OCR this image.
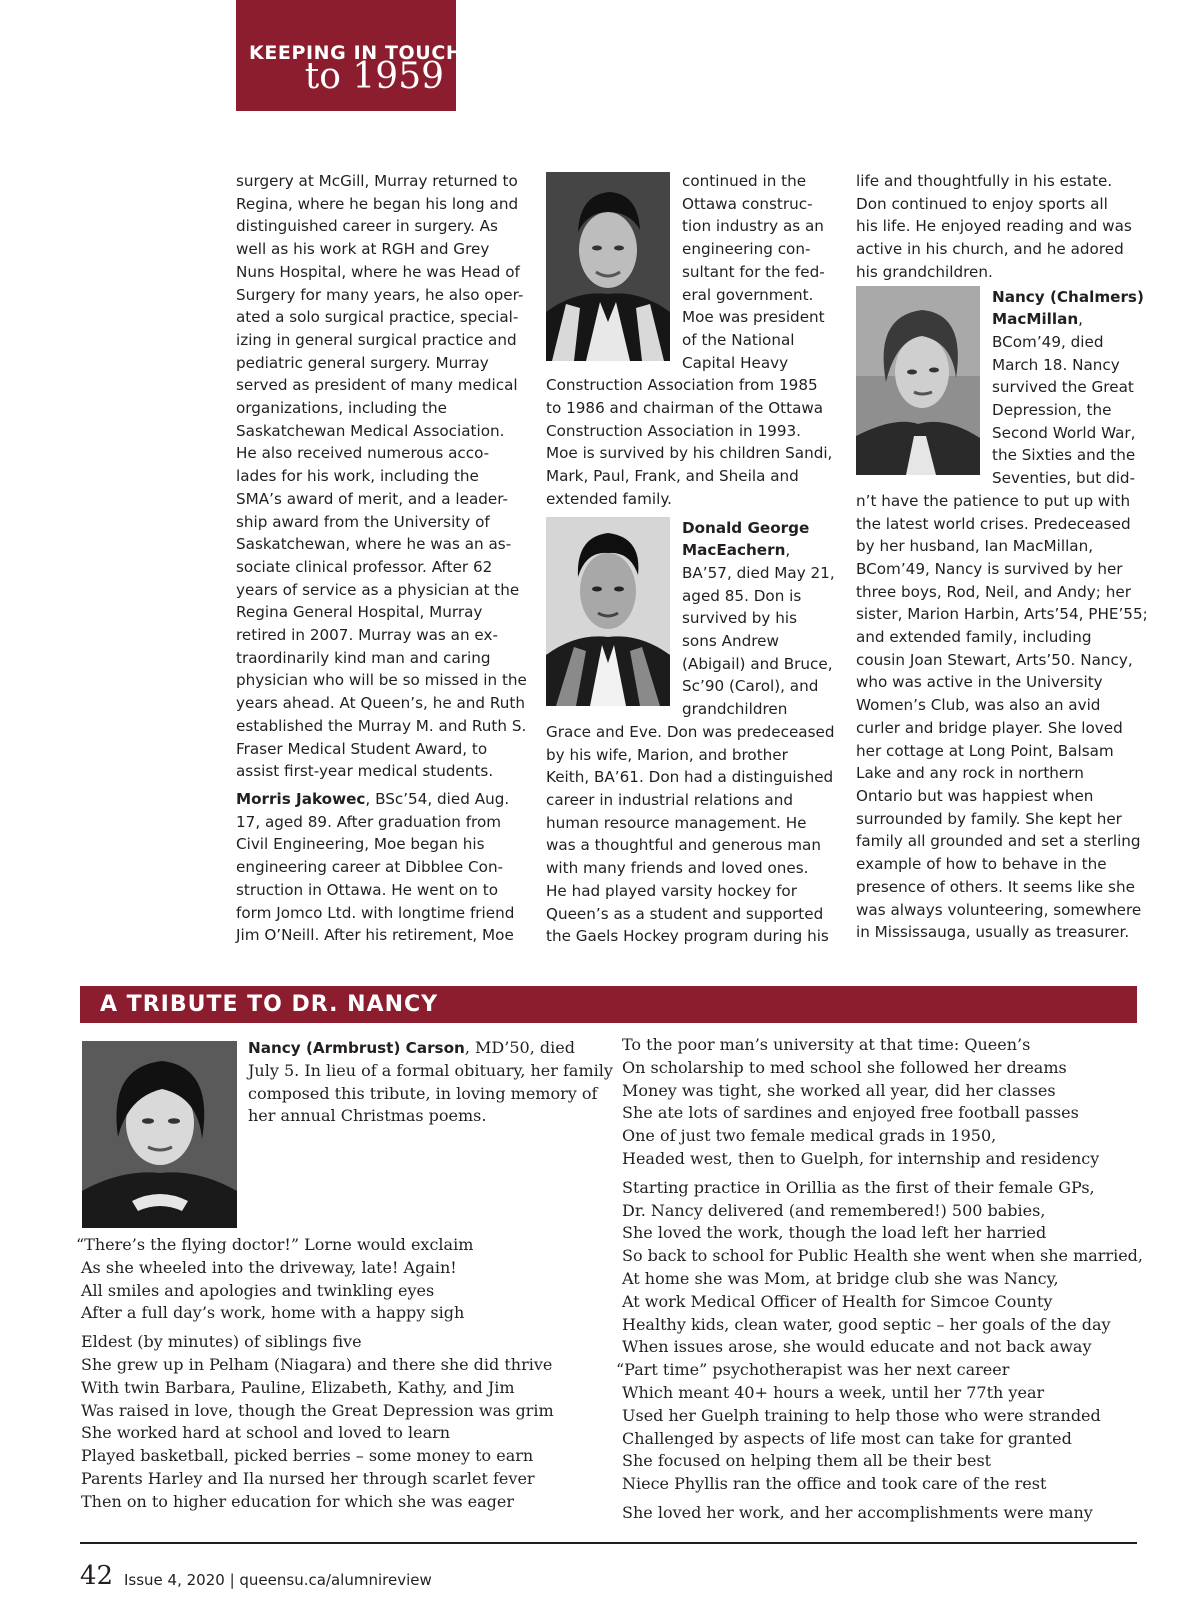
KEEPING IN TOUCH
to 1959

surgery at McGill, Murray returned to
Regina, where he began his long and
distinguished career in surgery. As
well as his work at RGH and Grey
Nuns Hospital, where he was Head of
Surgery for many years, he also oper-
ated a solo surgical practice, special-
izing in general surgical practice and
pediatric general surgery. Murray
served as president of many medical
organizations, including the
Saskatchewan Medical Association.
He also received numerous acco-
lades for his work, including the
SMA’s award of merit, and a leader-
ship award from the University of
Saskatchewan, where he was an as-
sociate clinical professor. After 62
years of service as a physician at the
Regina General Hospital, Murray
retired in 2007. Murray was an ex-
traordinarily kind man and caring
physician who will be so missed in the
years ahead. At Queen’s, he and Ruth
established the Murray M. and Ruth S.
Fraser Medical Student Award, to
assist first-year medical students.

Morris Jakowec, BSc’54, died Aug.
17, aged 89. After graduation from
Civil Engineering, Moe began his
engineering career at Dibblee Con-
struction in Ottawa. He went on to
form Jomco Ltd. with longtime friend
Jim O’Neill. After his retirement, Moe

continued in the
Ottawa construc-
tion industry as an
engineering con-
sultant for the fed-
eral government.
Moe was president
of the National
Capital Heavy
Construction Association from 1985
to 1986 and chairman of the Ottawa
Construction Association in 1993.
Moe is survived by his children Sandi,
Mark, Paul, Frank, and Sheila and
extended family.

Donald George
MacEachern,
BA’57, died May 21,
aged 85. Don is
survived by his
sons Andrew
(Abigail) and Bruce,
Sc’90 (Carol), and
grandchildren
Grace and Eve. Don was predeceased
by his wife, Marion, and brother
Keith, BA’61. Don had a distinguished
career in industrial relations and
human resource management. He
was a thoughtful and generous man
with many friends and loved ones.
He had played varsity hockey for
Queen’s as a student and supported
the Gaels Hockey program during his

life and thoughtfully in his estate.
Don continued to enjoy sports all
his life. He enjoyed reading and was
active in his church, and he adored
his grandchildren.

Nancy (Chalmers)
MacMillan,
BCom’49, died
March 18. Nancy
survived the Great
Depression, the
Second World War,
the Sixties and the
Seventies, but did-
n’t have the patience to put up with
the latest world crises. Predeceased
by her husband, Ian MacMillan,
BCom’49, Nancy is survived by her
three boys, Rod, Neil, and Andy; her
sister, Marion Harbin, Arts’54, PHE’55;
and extended family, including
cousin Joan Stewart, Arts’50. Nancy,
who was active in the University
Women’s Club, was also an avid
curler and bridge player. She loved
her cottage at Long Point, Balsam
Lake and any rock in northern
Ontario but was happiest when
surrounded by family. She kept her
family all grounded and set a sterling
example of how to behave in the
presence of others. It seems like she
was always volunteering, somewhere
in Mississauga, usually as treasurer.

A TRIBUTE TO DR. NANCY
Nancy (Armbrust) Carson, MD’50, died
July 5. In lieu of a formal obituary, her family
composed this tribute, in loving memory of
her annual Christmas poems.
“There’s the flying doctor!” Lorne would exclaim
As she wheeled into the driveway, late! Again!
All smiles and apologies and twinkling eyes
After a full day’s work, home with a happy sigh
Eldest (by minutes) of siblings five
She grew up in Pelham (Niagara) and there she did thrive
With twin Barbara, Pauline, Elizabeth, Kathy, and Jim
Was raised in love, though the Great Depression was grim
She worked hard at school and loved to learn
Played basketball, picked berries – some money to earn
Parents Harley and Ila nursed her through scarlet fever
Then on to higher education for which she was eager
To the poor man’s university at that time: Queen’s
On scholarship to med school she followed her dreams
Money was tight, she worked all year, did her classes
She ate lots of sardines and enjoyed free football passes
One of just two female medical grads in 1950,
Headed west, then to Guelph, for internship and residency
Starting practice in Orillia as the first of their female GPs,
Dr. Nancy delivered (and remembered!) 500 babies,
She loved the work, though the load left her harried
So back to school for Public Health she went when she married,
At home she was Mom, at bridge club she was Nancy,
At work Medical Officer of Health for Simcoe County
Healthy kids, clean water, good septic – her goals of the day
When issues arose, she would educate and not back away
“Part time” psychotherapist was her next career
Which meant 40+ hours a week, until her 77th year
Used her Guelph training to help those who were stranded
Challenged by aspects of life most can take for granted
She focused on helping them all be their best
Niece Phyllis ran the office and took care of the rest
She loved her work, and her accomplishments were many
42 Issue 4, 2020 | queensu.ca/alumnireview
